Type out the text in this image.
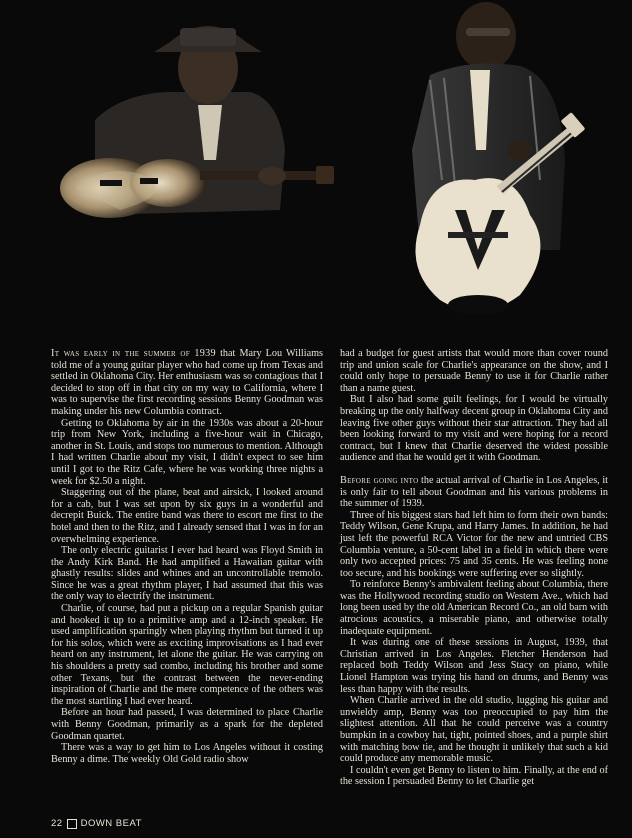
It was early in the summer of 1939 that Mary Lou Williams told me of a young guitar player who had come up from Texas and settled in Oklahoma City. Her enthusiasm was so contagious that I decided to stop off in that city on my way to California, where I was to supervise the first recording sessions Benny Goodman was making under his new Columbia contract.

Getting to Oklahoma by air in the 1930s was about a 20-hour trip from New York, including a five-hour wait in Chicago, another in St. Louis, and stops too numerous to mention. Although I had written Charlie about my visit, I didn't expect to see him until I got to the Ritz Cafe, where he was working three nights a week for $2.50 a night.

Staggering out of the plane, beat and airsick, I looked around for a cab, but I was set upon by six guys in a wonderful and decrepit Buick. The entire band was there to escort me first to the hotel and then to the Ritz, and I already sensed that I was in for an overwhelming experience.

The only electric guitarist I ever had heard was Floyd Smith in the Andy Kirk Band. He had amplified a Hawaiian guitar with ghastly results: slides and whines and an uncontrollable tremolo. Since he was a great rhythm player, I had assumed that this was the only way to electrify the instrument.

Charlie, of course, had put a pickup on a regular Spanish guitar and hooked it up to a primitive amp and a 12-inch speaker. He used amplification sparingly when playing rhythm but turned it up for his solos, which were as exciting improvisations as I had ever heard on any instrument, let alone the guitar. He was carrying on his shoulders a pretty sad combo, including his brother and some other Texans, but the contrast between the never-ending inspiration of Charlie and the mere competence of the others was the most startling I had ever heard.

Before an hour had passed, I was determined to place Charlie with Benny Goodman, primarily as a spark for the depleted Goodman quartet.

There was a way to get him to Los Angeles without it costing Benny a dime. The weekly Old Gold radio show

had a budget for guest artists that would more than cover round trip and union scale for Charlie's appearance on the show, and I could only hope to persuade Benny to use it for Charlie rather than a name guest.

But I also had some guilt feelings, for I would be virtually breaking up the only halfway decent group in Oklahoma City and leaving five other guys without their star attraction. They had all been looking forward to my visit and were hoping for a record contract, but I knew that Charlie deserved the widest possible audience and that he would get it with Goodman.

Before going into the actual arrival of Charlie in Los Angeles, it is only fair to tell about Goodman and his various problems in the summer of 1939.

Three of his biggest stars had left him to form their own bands: Teddy Wilson, Gene Krupa, and Harry James. In addition, he had just left the powerful RCA Victor for the new and untried CBS Columbia venture, a 50-cent label in a field in which there were only two accepted prices: 75 and 35 cents. He was feeling none too secure, and his bookings were suffering ever so slightly.

To reinforce Benny's ambivalent feeling about Columbia, there was the Hollywood recording studio on Western Ave., which had long been used by the old American Record Co., an old barn with atrocious acoustics, a miserable piano, and otherwise totally inadequate equipment.

It was during one of these sessions in August, 1939, that Christian arrived in Los Angeles. Fletcher Henderson had replaced both Teddy Wilson and Jess Stacy on piano, while Lionel Hampton was trying his hand on drums, and Benny was less than happy with the results.

When Charlie arrived in the old studio, lugging his guitar and unwieldy amp, Benny was too preoccupied to pay him the slightest attention. All that he could perceive was a country bumpkin in a cowboy hat, tight, pointed shoes, and a purple shirt with matching bow tie, and he thought it unlikely that such a kid could produce any memorable music.

I couldn't even get Benny to listen to him. Finally, at the end of the session I persuaded Benny to let Charlie get

22 DOWN BEAT
